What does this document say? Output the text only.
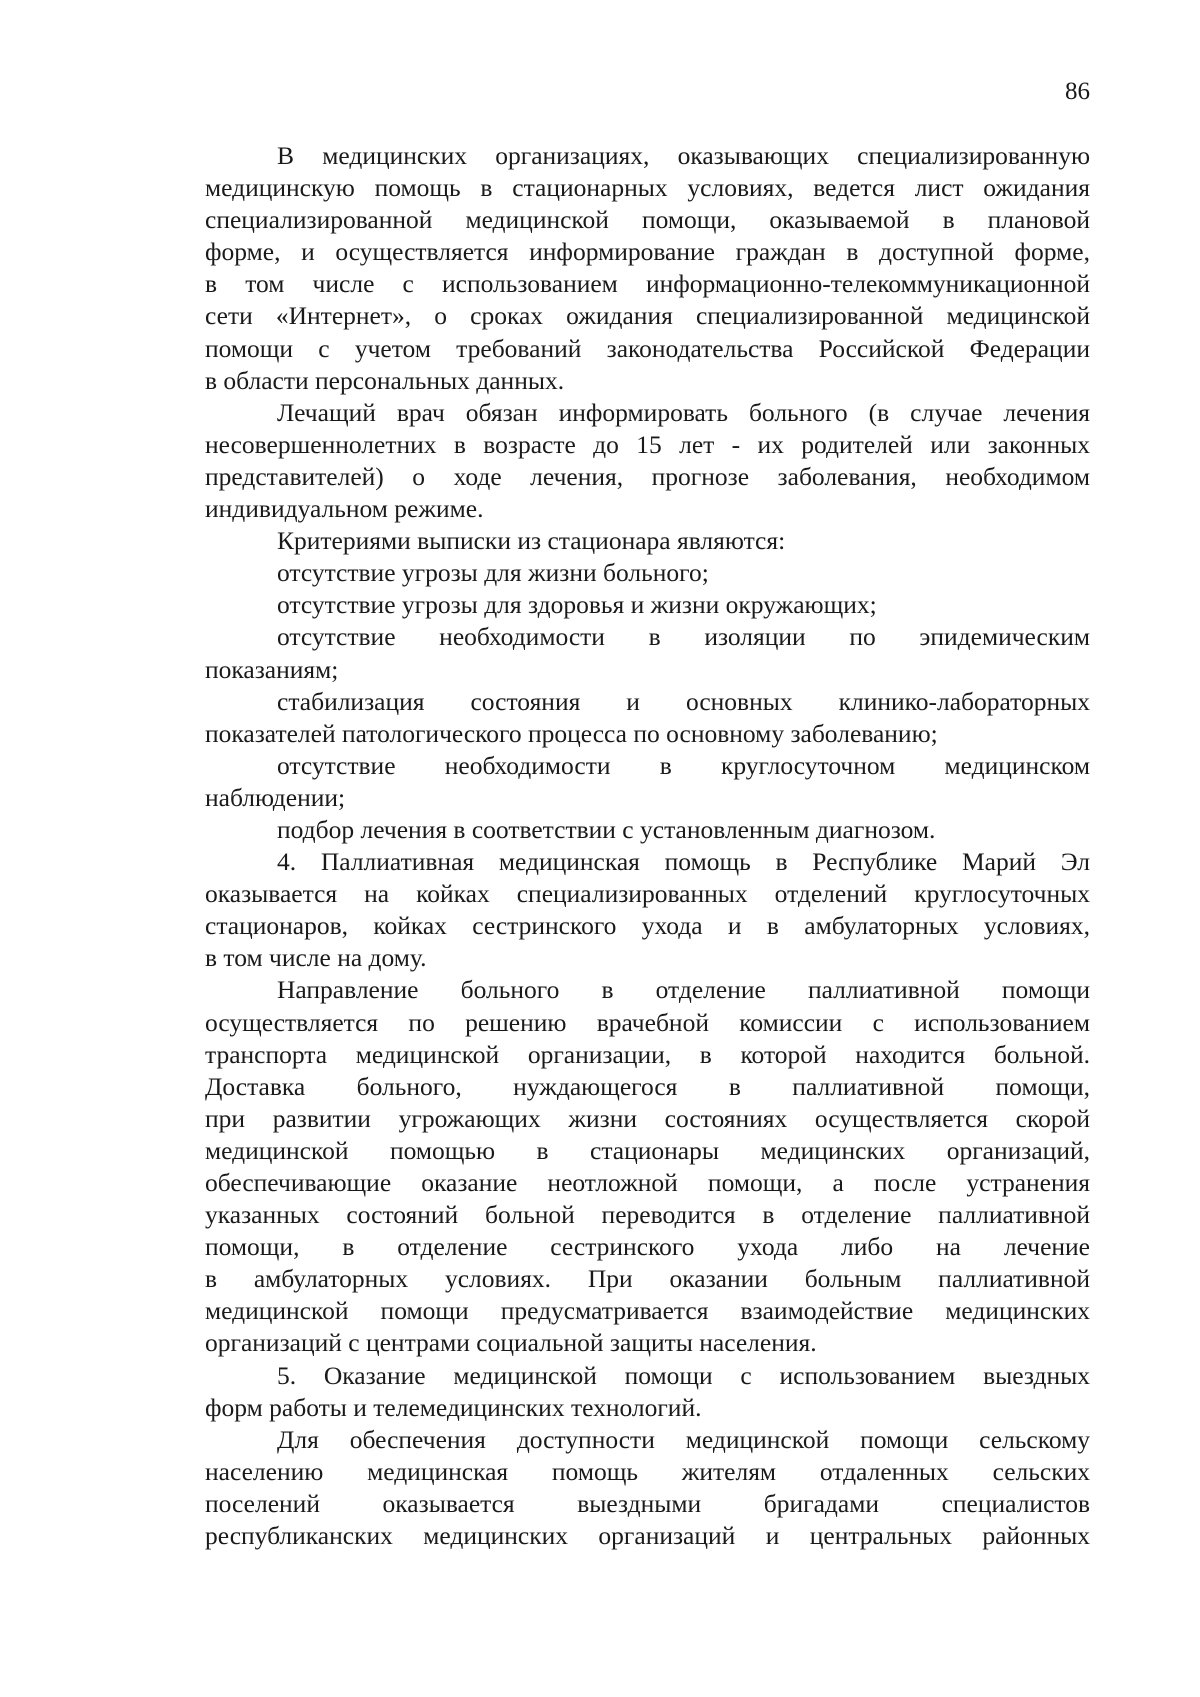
86
В медицинских организациях, оказывающих специализированную
медицинскую помощь в стационарных условиях, ведется лист ожидания
специализированной медицинской помощи, оказываемой в плановой
форме, и осуществляется информирование граждан в доступной форме,
в том числе с использованием информационно-телекоммуникационной
сети «Интернет», о сроках ожидания специализированной медицинской
помощи с учетом требований законодательства Российской Федерации
в области персональных данных.
Лечащий врач обязан информировать больного (в случае лечения
несовершеннолетних в возрасте до 15 лет - их родителей или законных
представителей) о ходе лечения, прогнозе заболевания, необходимом
индивидуальном режиме.
Критериями выписки из стационара являются:
отсутствие угрозы для жизни больного;
отсутствие угрозы для здоровья и жизни окружающих;
отсутствие необходимости в изоляции по эпидемическим
показаниям;
стабилизация состояния и основных клинико-лабораторных
показателей патологического процесса по основному заболеванию;
отсутствие необходимости в круглосуточном медицинском
наблюдении;
подбор лечения в соответствии с установленным диагнозом.
4. Паллиативная медицинская помощь в Республике Марий Эл
оказывается на койках специализированных отделений круглосуточных
стационаров, койках сестринского ухода и в амбулаторных условиях,
в том числе на дому.
Направление больного в отделение паллиативной помощи
осуществляется по решению врачебной комиссии с использованием
транспорта медицинской организации, в которой находится больной.
Доставка больного, нуждающегося в паллиативной помощи,
при развитии угрожающих жизни состояниях осуществляется скорой
медицинской помощью в стационары медицинских организаций,
обеспечивающие оказание неотложной помощи, а после устранения
указанных состояний больной переводится в отделение паллиативной
помощи, в отделение сестринского ухода либо на лечение
в амбулаторных условиях. При оказании больным паллиативной
медицинской помощи предусматривается взаимодействие медицинских
организаций с центрами социальной защиты населения.
5. Оказание медицинской помощи с использованием выездных
форм работы и телемедицинских технологий.
Для обеспечения доступности медицинской помощи сельскому
населению медицинская помощь жителям отдаленных сельских
поселений оказывается выездными бригадами специалистов
республиканских медицинских организаций и центральных районных
